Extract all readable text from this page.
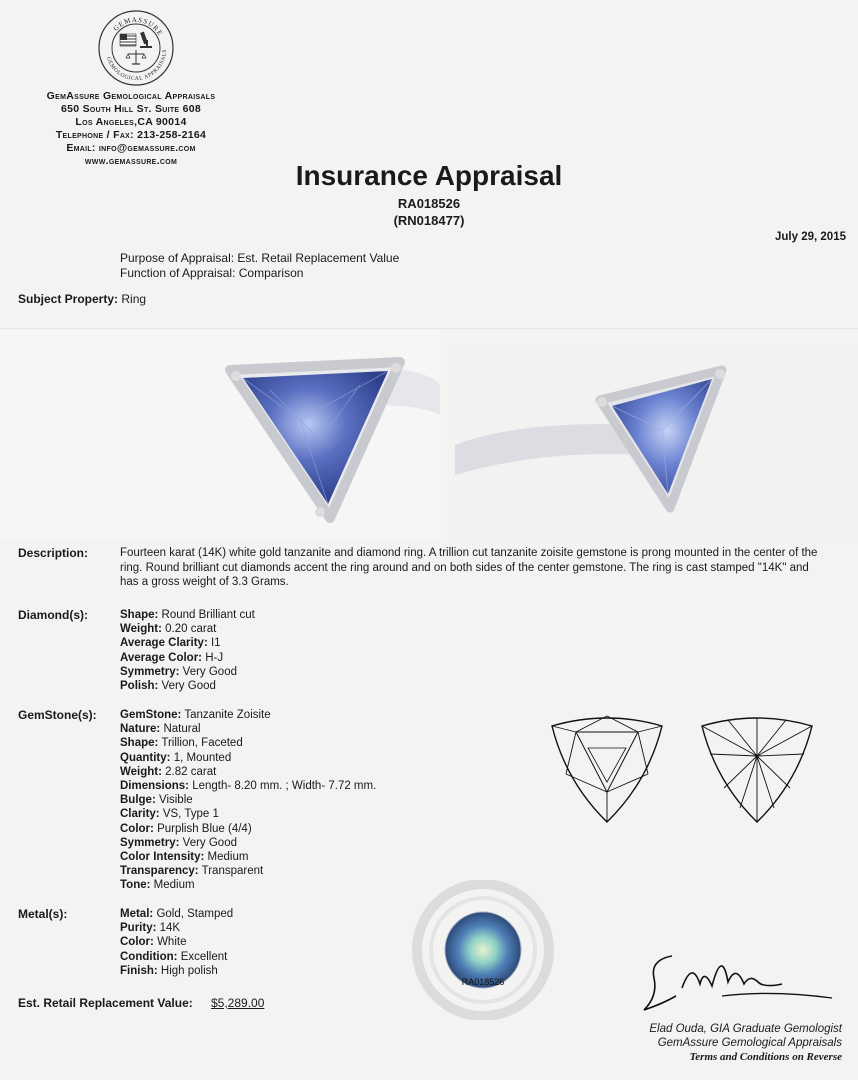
GEMASSURE
GEMOLOGICAL APPRAISALS
GemAssure Gemological Appraisals
650 South Hill St. Suite 608
Los Angeles,CA 90014
Telephone / Fax: 213-258-2164
Email: info@gemassure.com
www.gemassure.com	Insurance Appraisal
RA018526
(RN018477)
July 29, 2015
Purpose of Appraisal: Est. Retail Replacement Value
Function of Appraisal: Comparison
Subject Property: Ring
Description:	Fourteen karat (14K) white gold tanzanite and diamond ring. A trillion cut tanzanite zoisite gemstone is prong mounted in the center of the ring. Round brilliant cut diamonds accent the ring around and on both sides of the center gemstone. The ring is cast stamped "14K" and has a gross weight of 3.3 Grams.
Diamond(s):	Shape: Round Brilliant cut
Weight: 0.20 carat
Average Clarity: I1
Average Color: H-J
Symmetry: Very Good
Polish: Very Good
GemStone(s): GemStone: Tanzanite Zoisite
Nature: Natural
Shape: Trillion, Faceted
Quantity: 1, Mounted
Weight: 2.82 carat
Dimensions: Length- 8.20 mm. ; Width- 7.72 mm.
Bulge: Visible
Clarity: VS, Type 1
Color: Purplish Blue (4/4)
Symmetry: Very Good
Color Intensity: Medium
Transparency: Transparent
Tone: Medium
Metal(s):	Metal: Gold, Stamped
Purity: 14K
Color: White
Condition: Excellent
Finish: High polish
RA018526
Est. Retail Replacement Value: $5,289.00
Elad Ouda, GIA Graduate Gemologist
GemAssure Gemological Appraisals
Terms and Conditions on Reverse
